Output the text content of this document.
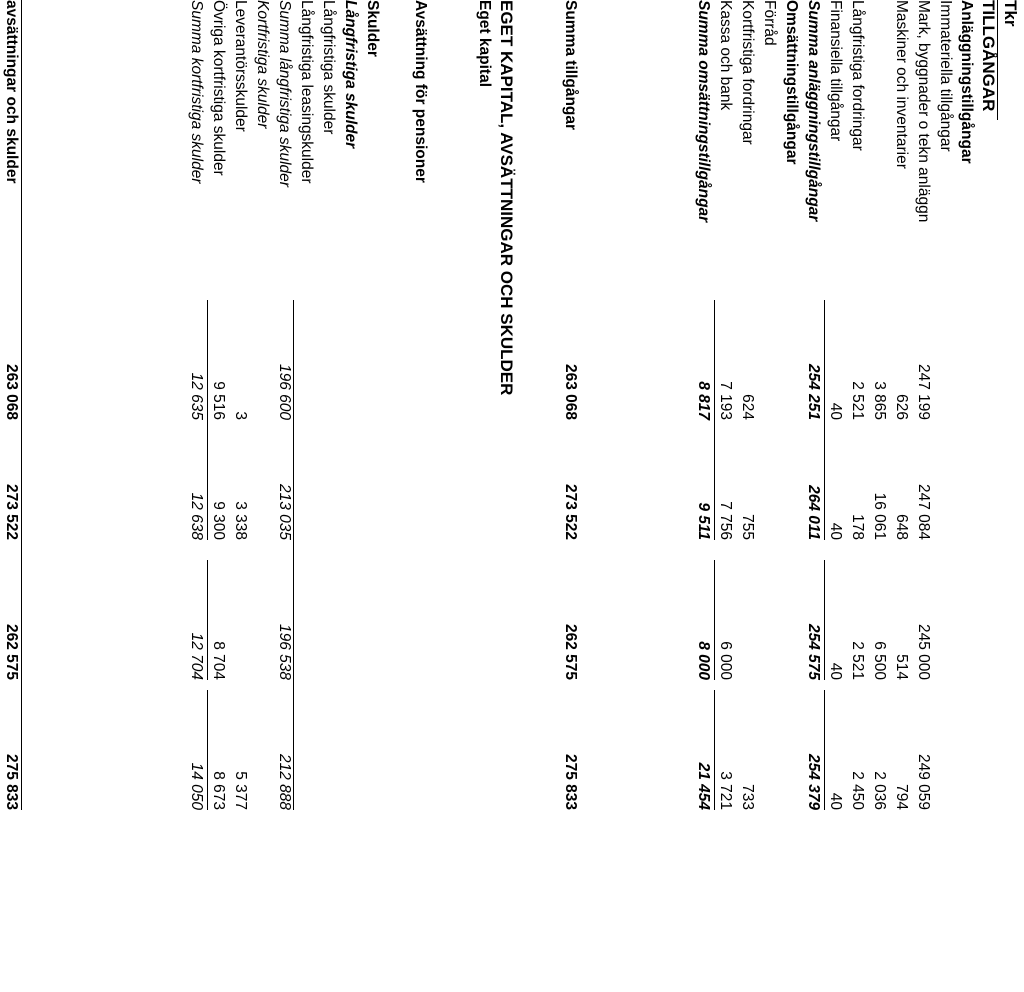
Tkr
TILLGÅNGAR
Anläggningstillgångar
Immateriella tillgångar
Mark, byggnader o tekn anläggn
247 199
247 084
245 000
249 059
Maskiner och inventarier
626
648
514
794
3 865
16 061
6 500
2 036
Långfristiga fordringar
2 521
178
2 521
2 450
Finansiella tillgångar
40
40
40
40
Summa anläggningstillgångar
254 251
264 011
254 575
254 379
Omsättningstillgångar
Förråd
Kortfristiga fordringar
624
755
733
Kassa och bank
7 193
7 756
6 000
3 721
Summa omsättningstillgångar
8 817
9 511
8 000
21 454
Summa tillgångar
263 068
273 522
262 575
275 833
EGET KAPITAL, AVSÄTTNINGAR OCH SKULDER
Eget kapital
Avsättning för pensioner
Skulder
Långfristiga skulder
Långfristiga skulder
Långfristiga leasingskulder
Summa långfristiga skulder
196 600
213 035
196 538
212 888
Kortfristiga skulder
Leverantörsskulder
3
3 338
5 377
Övriga kortfristiga skulder
9 516
9 300
8 704
8 673
Summa kortfristiga skulder
12 635
12 638
12 704
14 050
avsättningar och skulder
263 068
273 522
262 575
275 833
